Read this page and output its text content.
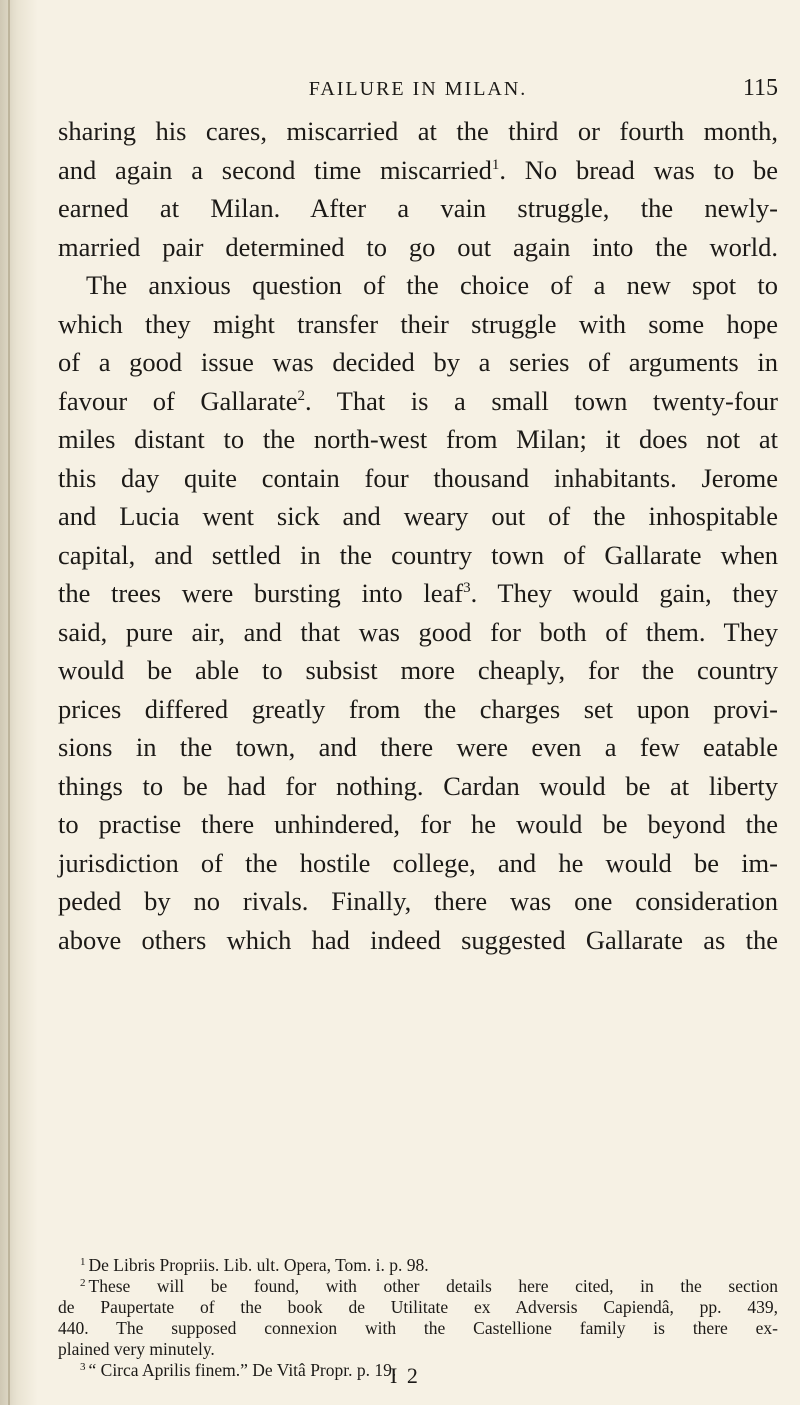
FAILURE IN MILAN.	115
sharing his cares, miscarried at the third or fourth month,
and again a second time miscarried$^1$. No bread was to be
earned at Milan. After a vain struggle, the newly-
married pair determined to go out again into the world.
The anxious question of the choice of a new spot to
which they might transfer their struggle with some hope
of a good issue was decided by a series of arguments in
favour of Gallarate$^2$. That is a small town twenty-four
miles distant to the north-west from Milan; it does not at
this day quite contain four thousand inhabitants. Jerome
and Lucia went sick and weary out of the inhospitable
capital, and settled in the country town of Gallarate when
the trees were bursting into leaf$^3$. They would gain, they
said, pure air, and that was good for both of them. They
would be able to subsist more cheaply, for the country
prices differed greatly from the charges set upon provi-
sions in the town, and there were even a few eatable
things to be had for nothing. Cardan would be at liberty
to practise there unhindered, for he would be beyond the
jurisdiction of the hostile college, and he would be im-
peded by no rivals. Finally, there was one consideration
above others which had indeed suggested Gallarate as the
$^1$ De Libris Propriis. Lib. ult. Opera, Tom. i. p. 98.
$^2$ These will be found, with other details here cited, in the section
de Paupertate of the book de Utilitate ex Adversis Capiendâ, pp. 439,
440. The supposed connexion with the Castellione family is there ex-
plained very minutely.
$^3$ “ Circa Aprilis finem.” De Vitâ Propr. p. 19.
I 2
